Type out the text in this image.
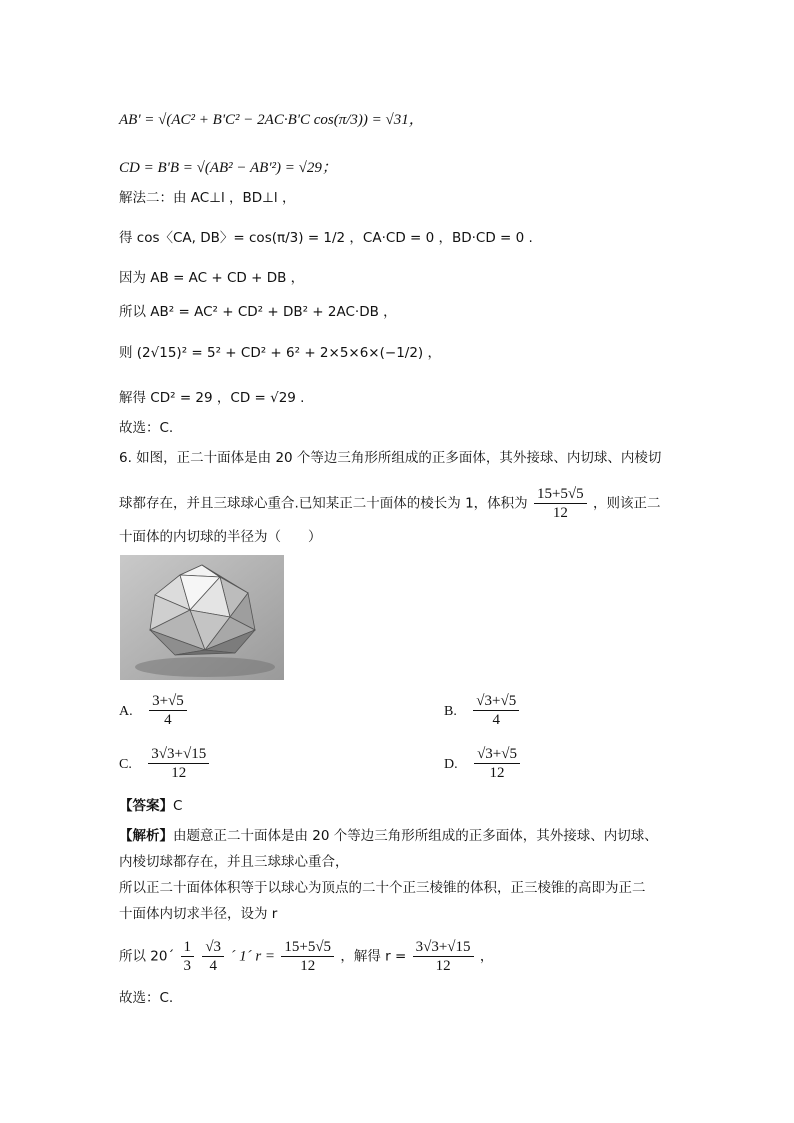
AB' = √(AC² + B'C² − 2AC·B'C cos(π/3)) = √31，
CD = B'B = √(AB² − AB'²) = √29；
解法二：由 AC⊥l ，BD⊥l ，
得 cos〈CA, DB〉= cos(π/3) = 1/2 ，CA·CD = 0 ，BD·CD = 0 .
因为 AB = AC + CD + DB ，
所以 AB² = AC² + CD² + DB² + 2AC·DB ，
则 (2√15)² = 5² + CD² + 6² + 2×5×6×(−1/2) ，
解得 CD² = 29 ，CD = √29 .
故选：C.
6. 如图，正二十面体是由 20 个等边三角形所组成的正多面体，其外接球、内切球、内棱切
球都存在，并且三球球心重合.已知某正二十面体的棱长为 1，体积为 $\frac{15+5√5}{12}$ ，则该正二
十面体的内切球的半径为（　　）
A. $\frac{3+√5}{4}$	B. $\frac{√3+√5}{4}$
C. $\frac{3√3+√15}{12}$	D. $\frac{√3+√5}{12}$
【答案】C
【解析】由题意正二十面体是由 20 个等边三角形所组成的正多面体，其外接球、内切球、
内棱切球都存在，并且三球球心重合，
所以正二十面体体积等于以球心为顶点的二十个正三棱锥的体积，正三棱锥的高即为正二
十面体内切求半径，设为 r
所以 20´ $\frac{1}{3}$
$\frac{√3}{4}$ ´ 1´ $r = \frac{15+5√5}{12}$ ，解得 $r = \frac{3√3+√15}{12}$ ，
故选：C.
